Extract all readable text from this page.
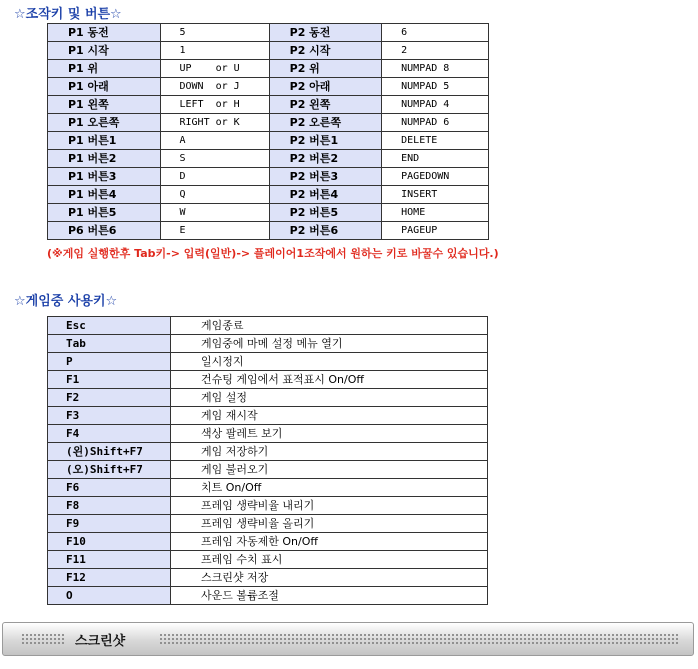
☆조작키 및 버튼☆
P1 동전	5	P2 동전	6
P1 시작	1	P2 시작	2
P1 위	UP    or U	P2 위	NUMPAD 8
P1 아래	DOWN  or J	P2 아래	NUMPAD 5
P1 왼쪽	LEFT  or H	P2 왼쪽	NUMPAD 4
P1 오른쪽	RIGHT or K	P2 오른쪽	NUMPAD 6
P1 버튼1	A	P2 버튼1	DELETE
P1 버튼2	S	P2 버튼2	END
P1 버튼3	D	P2 버튼3	PAGEDOWN
P1 버튼4	Q	P2 버튼4	INSERT
P1 버튼5	W	P2 버튼5	HOME
P6 버튼6	E	P2 버튼6	PAGEUP
(※게임 실행한후 Tab키-> 입력(일반)-> 플레이어1조작에서 원하는 키로 바꿀수 있습니다.)
☆게임중 사용키☆
Esc	게임종료
Tab	게임중에 마메 설정 메뉴 열기
P	일시정지
F1	건슈팅 게임에서 표적표시 On/Off
F2	게임 설정
F3	게임 재시작
F4	색상 팔레트 보기
(왼)Shift+F7	게임 저장하기
(오)Shift+F7	게임 불러오기
F6	치트 On/Off
F8	프레임 생략비율 내리기
F9	프레임 생략비율 올리기
F10	프레임 자동제한 On/Off
F11	프레임 수치 표시
F12	스크린샷 저장
O	사운드 볼륨조절
스크린샷
